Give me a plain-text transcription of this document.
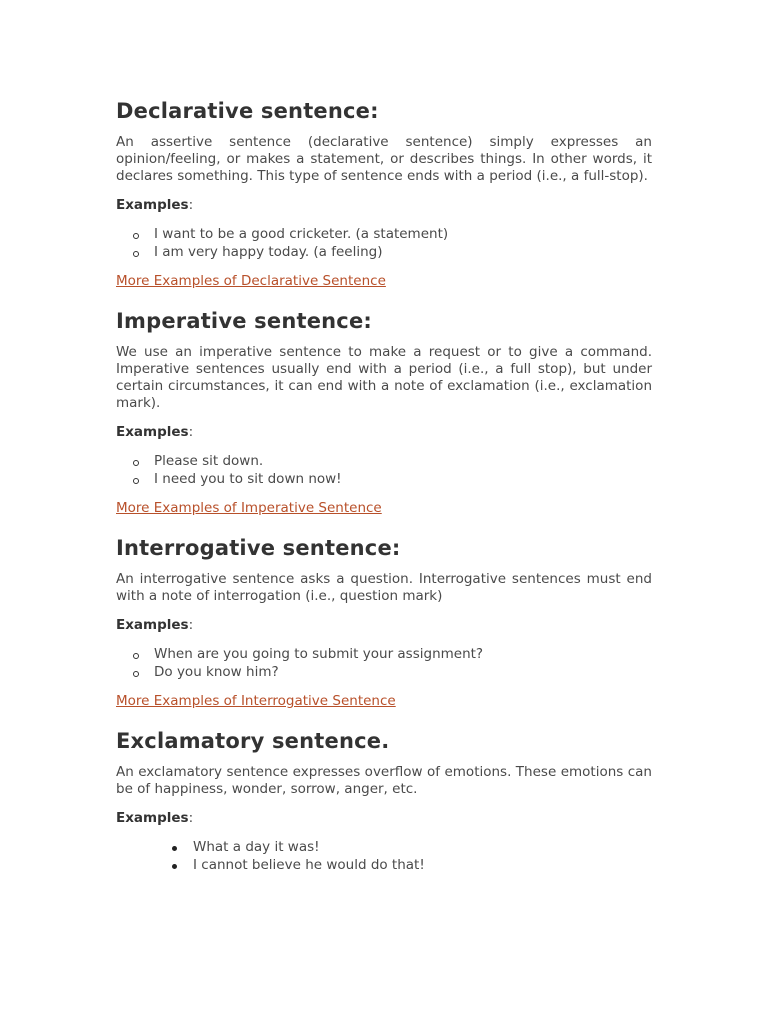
Declarative sentence:

An assertive sentence (declarative sentence) simply expresses an opinion/feeling, or makes a statement, or describes things. In other words, it declares something. This type of sentence ends with a period (i.e., a full-stop).

Examples:

I want to be a good cricketer. (a statement)
I am very happy today. (a feeling)
More Examples of Declarative Sentence
Imperative sentence:

We use an imperative sentence to make a request or to give a command. Imperative sentences usually end with a period (i.e., a full stop), but under certain circumstances, it can end with a note of exclamation (i.e., exclamation mark).

Examples:

Please sit down.
I need you to sit down now!
More Examples of Imperative Sentence
Interrogative sentence:

An interrogative sentence asks a question. Interrogative sentences must end with a note of interrogation (i.e., question mark)

Examples:

When are you going to submit your assignment?
Do you know him?
More Examples of Interrogative Sentence
Exclamatory sentence.

An exclamatory sentence expresses overflow of emotions. These emotions can be of happiness, wonder, sorrow, anger, etc.

Examples:

What a day it was!
I cannot believe he would do that!
